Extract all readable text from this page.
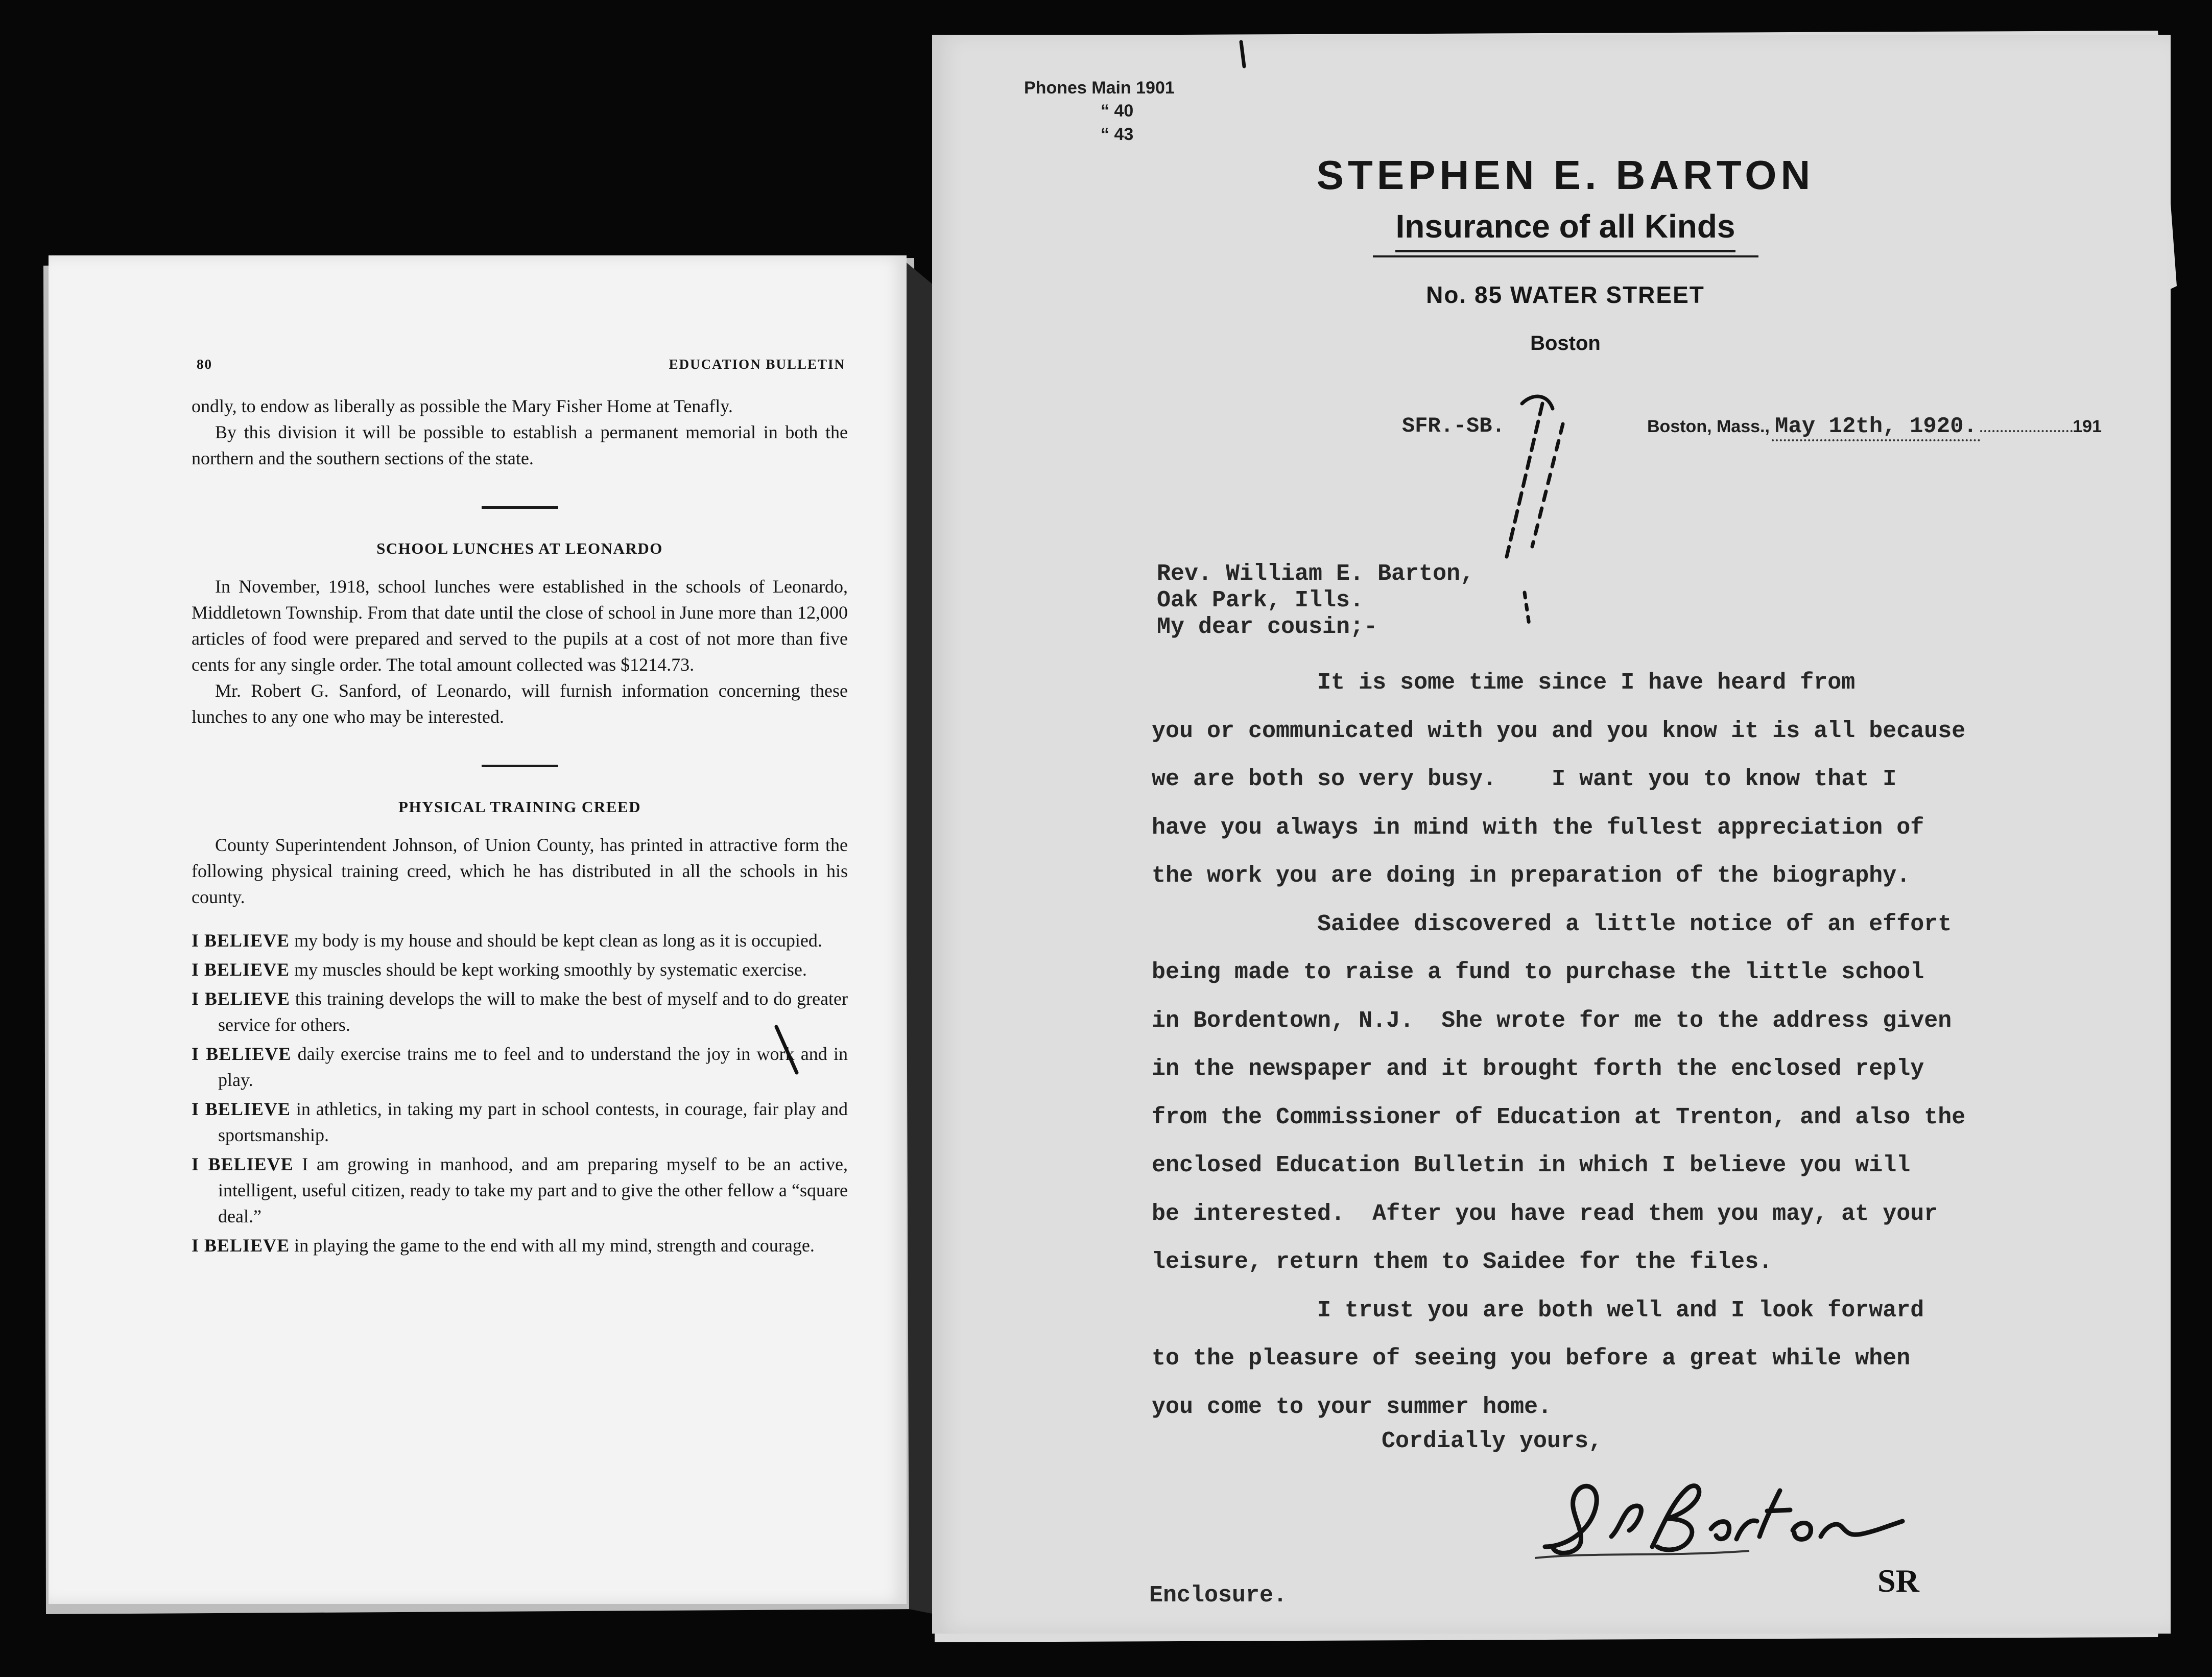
80	EDUCATION BULLETIN

ondly, to endow as liberally as possible the Mary Fisher Home at Tenafly.

By this division it will be possible to establish a permanent memorial in both the northern and the southern sections of the state.

SCHOOL LUNCHES AT LEONARDO

In November, 1918, school lunches were established in the schools of Leonardo, Middletown Township. From that date until the close of school in June more than 12,000 articles of food were prepared and served to the pupils at a cost of not more than five cents for any single order. The total amount collected was $1214.73.

Mr. Robert G. Sanford, of Leonardo, will furnish information concerning these lunches to any one who may be interested.

PHYSICAL TRAINING CREED

County Superintendent Johnson, of Union County, has printed in attractive form the following physical training creed, which he has distributed in all the schools in his county.

I BELIEVE my body is my house and should be kept clean as long as it is occupied.

I BELIEVE my muscles should be kept working smoothly by systematic exercise.

I BELIEVE this training develops the will to make the best of myself and to do greater service for others.

I BELIEVE daily exercise trains me to feel and to understand the joy in work and in play.

I BELIEVE in athletics, in taking my part in school contests, in courage, fair play and sportsmanship.

I BELIEVE I am growing in manhood, and am preparing myself to be an active, intelligent, useful citizen, ready to take my part and to give the other fellow a “square deal.”

I BELIEVE in playing the game to the end with all my mind, strength and courage.

Phones Main 1901
“ 40
“ 43
STEPHEN E. BARTON
Insurance of all Kinds
No. 85 WATER STREET
Boston
SFR.-SB.	Boston, Mass., May 12th, 1920.	191
Rev. William E. Barton,
Oak Park, Ills.
My dear cousin;-
It is some time since I have heard from
you or communicated with you and you know it is all because
we are both so very busy.    I want you to know that I
have you always in mind with the fullest appreciation of
the work you are doing in preparation of the biography.
Saidee discovered a little notice of an effort
being made to raise a fund to purchase the little school
in Bordentown, N.J.  She wrote for me to the address given
in the newspaper and it brought forth the enclosed reply
from the Commissioner of Education at Trenton, and also the
enclosed Education Bulletin in which I believe you will
be interested.  After you have read them you may, at your
leisure, return them to Saidee for the files.
I trust you are both well and I look forward
to the pleasure of seeing you before a great while when
you come to your summer home.
Cordially yours,
SR
Enclosure.
